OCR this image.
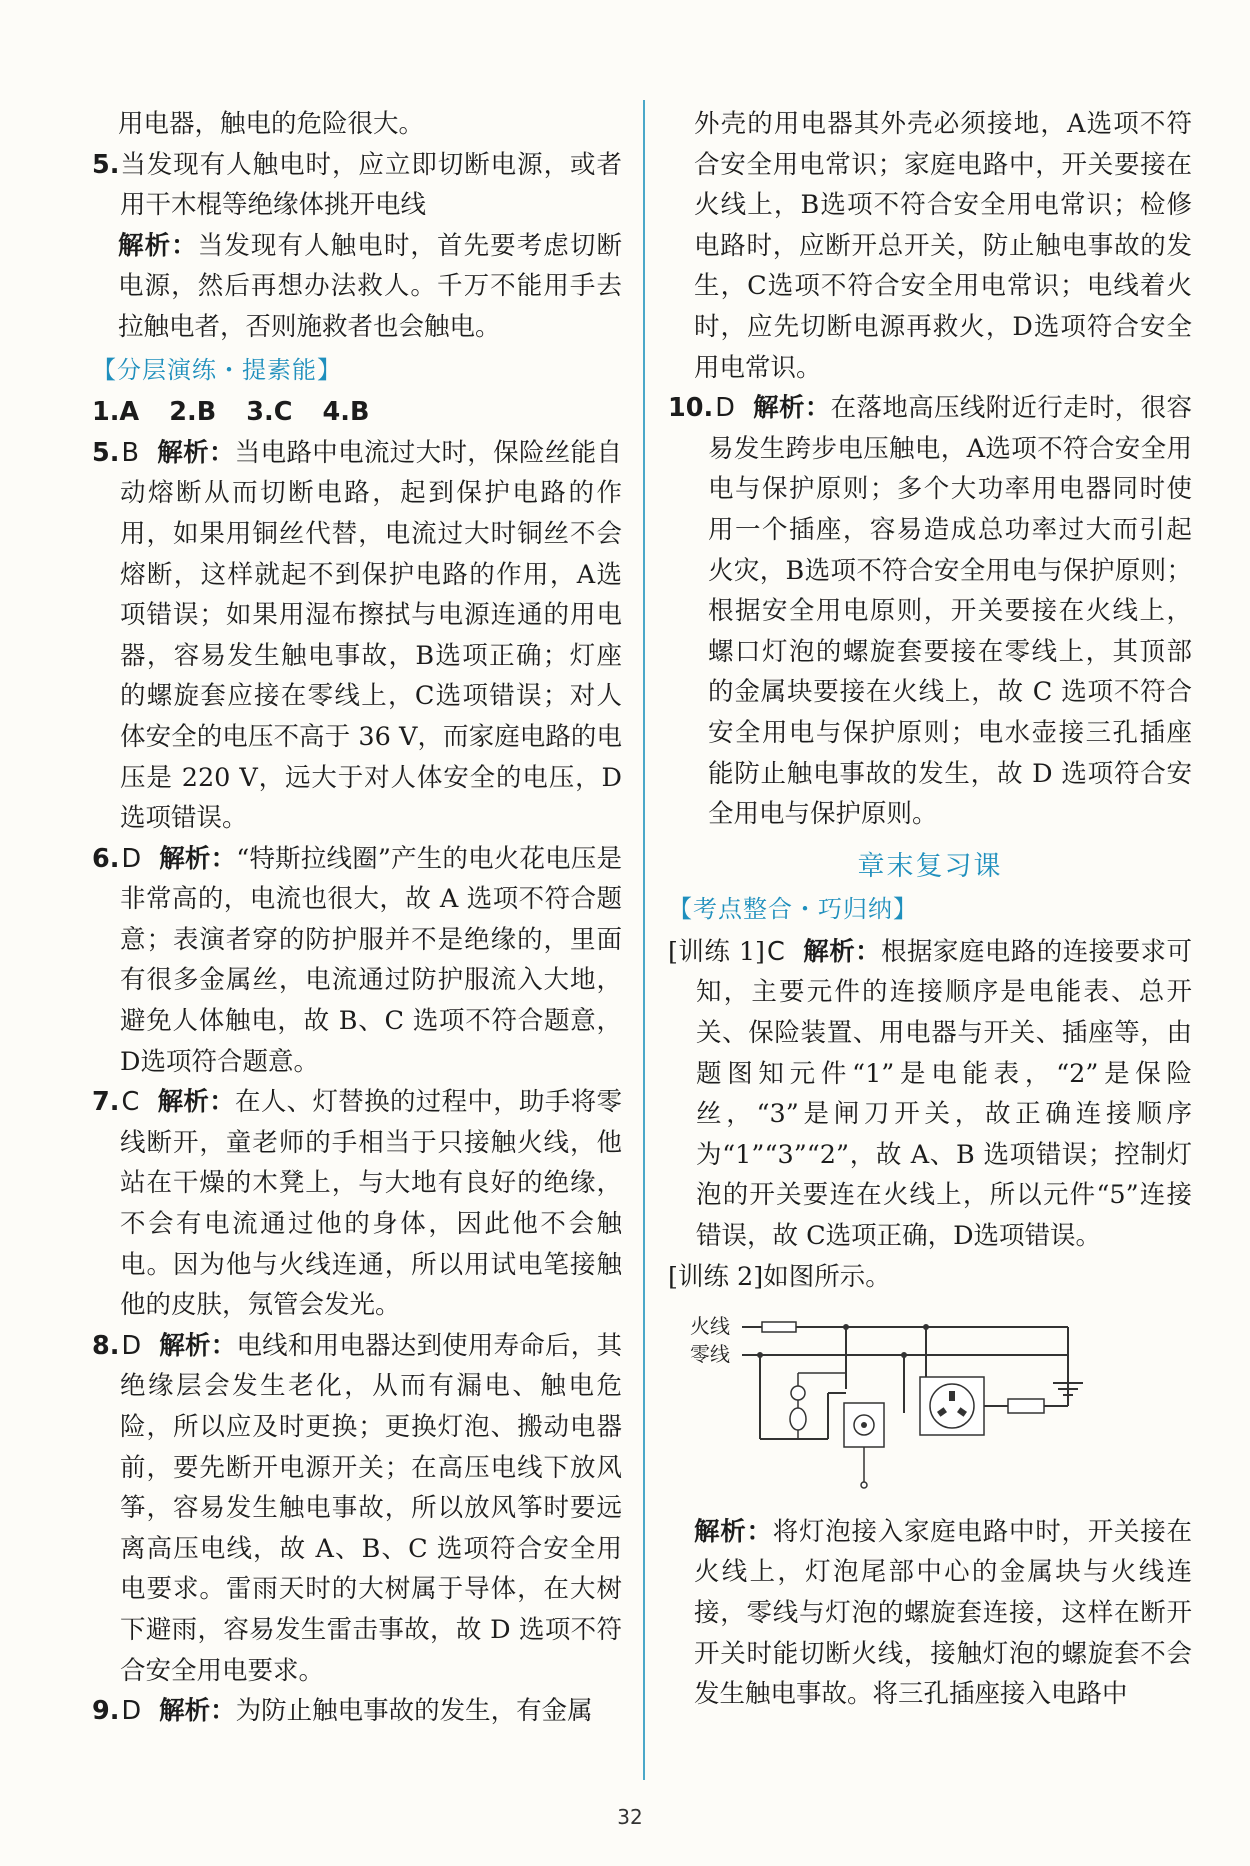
用电器，触电的危险很大。

5.当发现有人触电时，应立即切断电源，或者用干木棍等绝缘体挑开电线

解析：当发现有人触电时，首先要考虑切断电源，然后再想办法救人。千万不能用手去拉触电者，否则施救者也会触电。

【分层演练・提素能】

1.A 2.B 3.C 4.B

5.B 解析：当电路中电流过大时，保险丝能自动熔断从而切断电路，起到保护电路的作用，如果用铜丝代替，电流过大时铜丝不会熔断，这样就起不到保护电路的作用，A选项错误；如果用湿布擦拭与电源连通的用电器，容易发生触电事故，B选项正确；灯座的螺旋套应接在零线上，C选项错误；对人体安全的电压不高于 36 V，而家庭电路的电压是 220 V，远大于对人体安全的电压，D选项错误。

6.D 解析：“特斯拉线圈”产生的电火花电压是非常高的，电流也很大，故 A 选项不符合题意；表演者穿的防护服并不是绝缘的，里面有很多金属丝，电流通过防护服流入大地，避免人体触电，故 B、C 选项不符合题意，D选项符合题意。

7.C 解析：在人、灯替换的过程中，助手将零线断开，童老师的手相当于只接触火线，他站在干燥的木凳上，与大地有良好的绝缘，不会有电流通过他的身体，因此他不会触电。因为他与火线连通，所以用试电笔接触他的皮肤，氖管会发光。

8.D 解析：电线和用电器达到使用寿命后，其绝缘层会发生老化，从而有漏电、触电危险，所以应及时更换；更换灯泡、搬动电器前，要先断开电源开关；在高压电线下放风筝，容易发生触电事故，所以放风筝时要远离高压电线，故 A、B、C 选项符合安全用电要求。雷雨天时的大树属于导体，在大树下避雨，容易发生雷击事故，故 D 选项不符合安全用电要求。

9.D 解析：为防止触电事故的发生，有金属

外壳的用电器其外壳必须接地，A选项不符合安全用电常识；家庭电路中，开关要接在火线上，B选项不符合安全用电常识；检修电路时，应断开总开关，防止触电事故的发生，C选项不符合安全用电常识；电线着火时，应先切断电源再救火，D选项符合安全用电常识。

10.D 解析：在落地高压线附近行走时，很容易发生跨步电压触电，A选项不符合安全用电与保护原则；多个大功率用电器同时使用一个插座，容易造成总功率过大而引起火灾，B选项不符合安全用电与保护原则；根据安全用电原则，开关要接在火线上，螺口灯泡的螺旋套要接在零线上，其顶部的金属块要接在火线上，故 C 选项不符合安全用电与保护原则；电水壶接三孔插座能防止触电事故的发生，故 D 选项符合安全用电与保护原则。

章末复习课
【考点整合・巧归纳】

[训练 1]C 解析：根据家庭电路的连接要求可知，主要元件的连接顺序是电能表、总开关、保险装置、用电器与开关、插座等，由题图知元件“1”是电能表，“2”是保险丝，“3”是闸刀开关，故正确连接顺序为“1”“3”“2”，故 A、B 选项错误；控制灯泡的开关要连在火线上，所以元件“5”连接错误，故 C选项正确，D选项错误。

[训练 2]如图所示。

火线
零线

解析：将灯泡接入家庭电路中时，开关接在火线上，灯泡尾部中心的金属块与火线连接，零线与灯泡的螺旋套连接，这样在断开开关时能切断火线，接触灯泡的螺旋套不会发生触电事故。将三孔插座接入电路中

32
